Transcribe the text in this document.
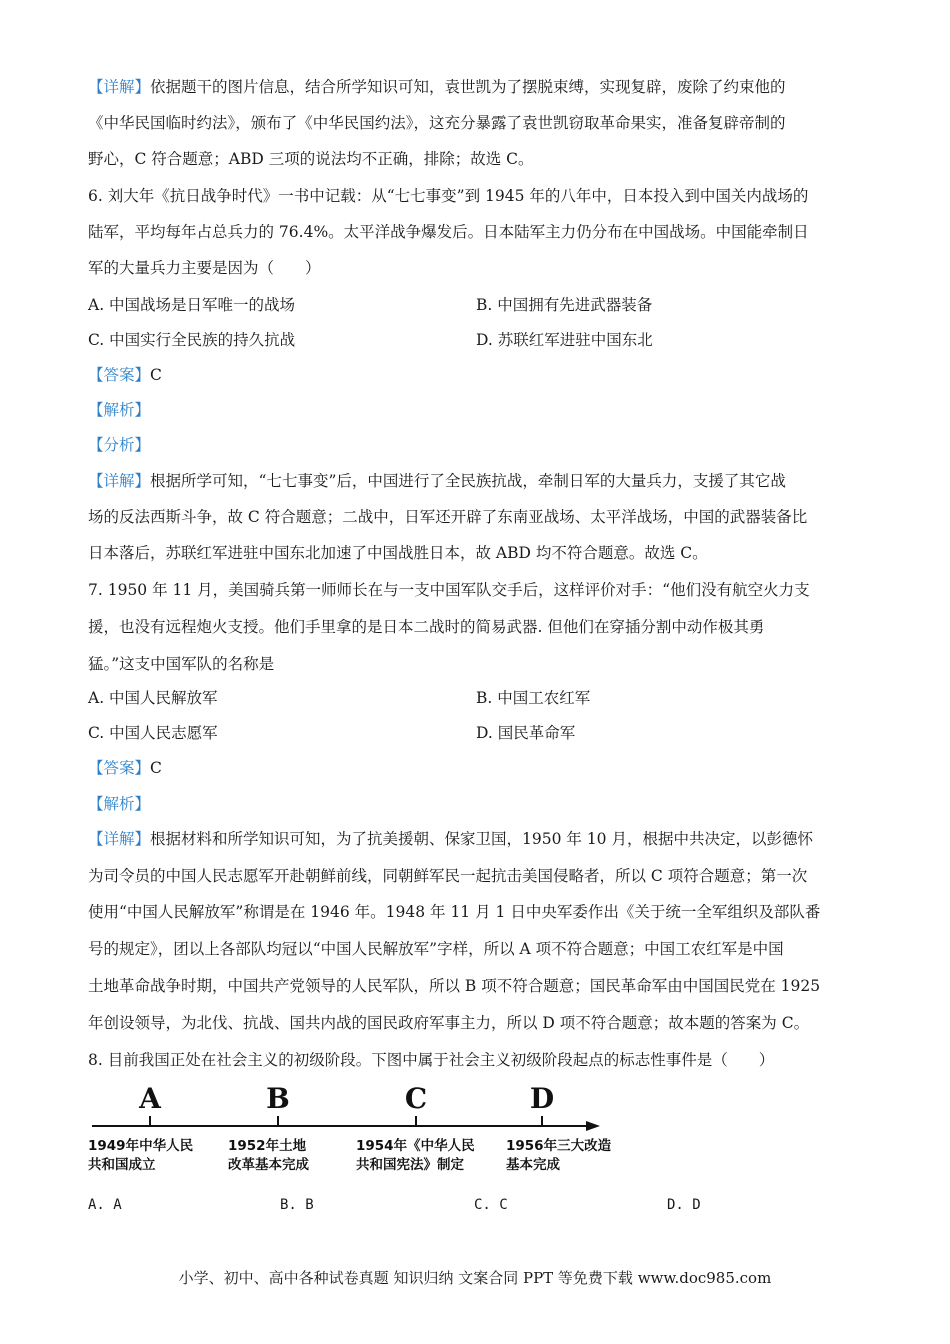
【详解】依据题干的图片信息，结合所学知识可知，袁世凯为了摆脱束缚，实现复辟，废除了约束他的
《中华民国临时约法》，颁布了《中华民国约法》，这充分暴露了袁世凯窃取革命果实，准备复辟帝制的
野心，C 符合题意；ABD 三项的说法均不正确，排除；故选 C。
6. 刘大年《抗日战争时代》一书中记载：从“七七事变”到 1945 年的八年中，日本投入到中国关内战场的
陆军，平均每年占总兵力的 76.4%。太平洋战争爆发后。日本陆军主力仍分布在中国战场。中国能牵制日
军的大量兵力主要是因为（　　）
A. 中国战场是日军唯一的战场	B. 中国拥有先进武器装备
C. 中国实行全民族的持久抗战	D. 苏联红军进驻中国东北
【答案】C
【解析】
【分析】
【详解】根据所学可知，“七七事变”后，中国进行了全民族抗战，牵制日军的大量兵力，支援了其它战
场的反法西斯斗争，故 C 符合题意；二战中，日军还开辟了东南亚战场、太平洋战场，中国的武器装备比
日本落后，苏联红军进驻中国东北加速了中国战胜日本，故 ABD 均不符合题意。故选 C。
7. 1950 年 11 月，美国骑兵第一师师长在与一支中国军队交手后，这样评价对手：“他们没有航空火力支
援，也没有远程炮火支授。他们手里拿的是日本二战时的简易武器. 但他们在穿插分割中动作极其勇
猛。”这支中国军队的名称是
A. 中国人民解放军	B. 中国工农红军
C. 中国人民志愿军	D. 国民革命军
【答案】C
【解析】
【详解】根据材料和所学知识可知，为了抗美援朝、保家卫国，1950 年 10 月，根据中共决定，以彭德怀
为司令员的中国人民志愿军开赴朝鲜前线，同朝鲜军民一起抗击美国侵略者，所以 C 项符合题意；第一次
使用“中国人民解放军”称谓是在 1946 年。1948 年 11 月 1 日中央军委作出《关于统一全军组织及部队番
号的规定》，团以上各部队均冠以“中国人民解放军”字样，所以 A 项不符合题意；中国工农红军是中国
土地革命战争时期，中国共产党领导的人民军队，所以 B 项不符合题意；国民革命军由中国国民党在 1925
年创设领导，为北伐、抗战、国共内战的国民政府军事主力，所以 D 项不符合题意；故本题的答案为 C。
8. 目前我国正处在社会主义的初级阶段。下图中属于社会主义初级阶段起点的标志性事件是（　　）
A
1949年中华人民
共和国成立
B
1952年土地
改革基本完成
C
1954年《中华人民
共和国宪法》制定
D
1956年三大改造
基本完成
A. A	B. B	C. C	D. D
小学、初中、高中各种试卷真题 知识归纳 文案合同 PPT 等免费下载 www.doc985.com
